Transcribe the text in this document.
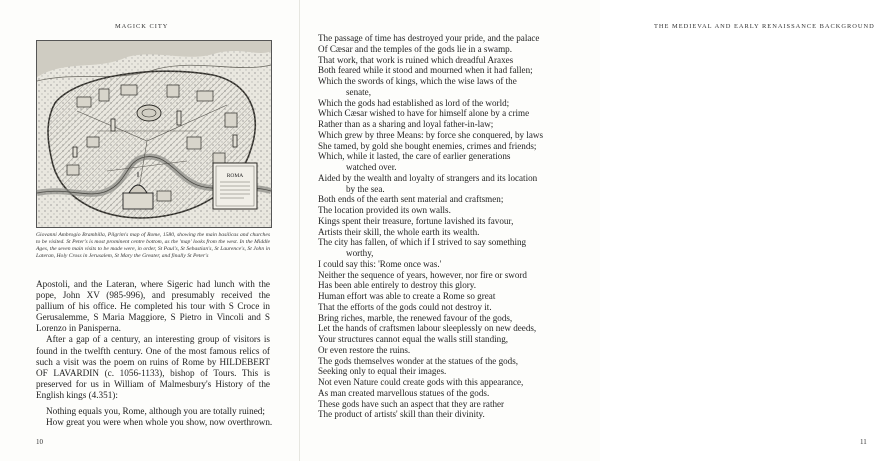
MAGICK CITY
ROMA
Giovanni Ambrogio Brambilla, Pilgrim's map of Rome, 1580, showing the main basilicas and churches to be visited. St Peter's is most prominent centre bottom, as the 'map' looks from the west. In the Middle Ages, the seven main visits to be made were, in order, St Paul's, St Sebastian's, St Laurence's, St John in Lateran, Holy Cross in Jerusalem, St Mary the Greater, and finally St Peter's

Apostoli, and the Lateran, where Sigeric had lunch with the pope, John XV (985-996), and presumably received the pallium of his office. He completed his tour with S Croce in Gerusalemme, S Maria Maggiore, S Pietro in Vincoli and S Lorenzo in Panisperna.

After a gap of a century, an interesting group of visitors is found in the twelfth century. One of the most famous relics of such a visit was the poem on ruins of Rome by HILDEBERT OF LAVARDIN (c. 1056-1133), bishop of Tours. This is preserved for us in William of Malmesbury's History of the English kings (4.351):

Nothing equals you, Rome, although you are totally ruined;
How great you were when whole you show, now overthrown.
10
THE MEDIEVAL AND EARLY RENAISSANCE BACKGROUND
11
The passage of time has destroyed your pride, and the palace
Of Cæsar and the temples of the gods lie in a swamp.
That work, that work is ruined which dreadful Araxes
Both feared while it stood and mourned when it had fallen;
Which the swords of kings, which the wise laws of the
senate,
Which the gods had established as lord of the world;
Which Cæsar wished to have for himself alone by a crime
Rather than as a sharing and loyal father-in-law;
Which grew by three Means: by force she conquered, by laws
She tamed, by gold she bought enemies, crimes and friends;
Which, while it lasted, the care of earlier generations
watched over.
Aided by the wealth and loyalty of strangers and its location
by the sea.
Both ends of the earth sent material and craftsmen;
The location provided its own walls.
Kings spent their treasure, fortune lavished its favour,
Artists their skill, the whole earth its wealth.
The city has fallen, of which if I strived to say something
worthy,
I could say this: 'Rome once was.'
Neither the sequence of years, however, nor fire or sword
Has been able entirely to destroy this glory.
Human effort was able to create a Rome so great
That the efforts of the gods could not destroy it.
Bring riches, marble, the renewed favour of the gods,
Let the hands of craftsmen labour sleeplessly on new deeds,
Your structures cannot equal the walls still standing,
Or even restore the ruins.
The gods themselves wonder at the statues of the gods,
Seeking only to equal their images.
Not even Nature could create gods with this appearance,
As man created marvellous statues of the gods.
These gods have such an aspect that they are rather
The product of artists' skill than their divinity.
